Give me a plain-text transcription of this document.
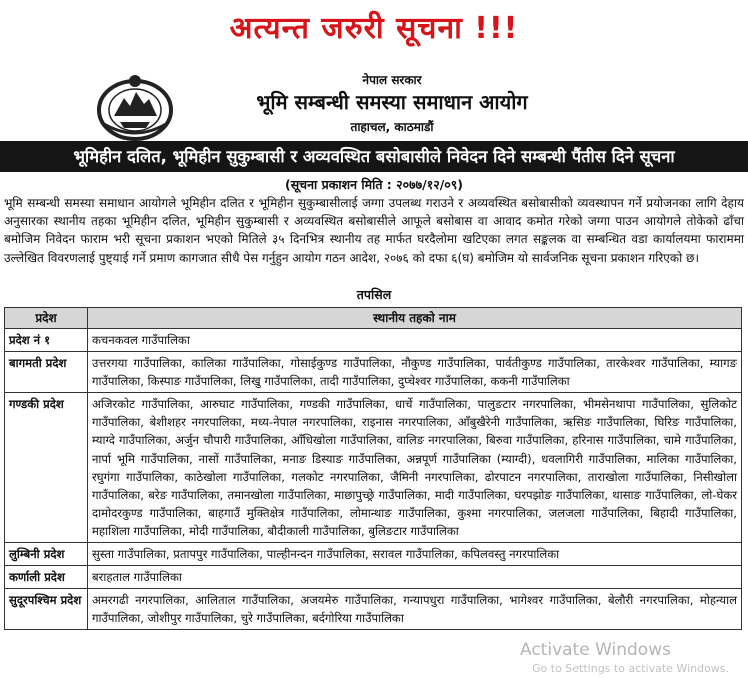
अत्यन्त जरुरी सूचना !!!
नेपाल सरकार
भूमि सम्बन्धी समस्या समाधान आयोग
ताहाचल, काठमाडौं
भूमिहीन दलित, भूमिहीन सुकुम्बासी र अव्यवस्थित बसोबासीले निवेदन दिने सम्बन्धी पैंतीस दिने सूचना
(सूचना प्रकाशन मिति : २०७७/१२/०९)
भूमि सम्बन्धी समस्या समाधान आयोगले भूमिहीन दलित र भूमिहीन सुकुम्बासीलाई जग्गा उपलब्ध गराउने र अव्यवस्थित बसोबासीको व्यवस्थापन गर्ने प्रयोजनका लागि देहाय अनुसारका स्थानीय तहका भूमिहीन दलित, भूमिहीन सुकुम्बासी र अव्यवस्थित बसोबासीले आफूले बसोबास वा आवाद कमोत गरेको जग्गा पाउन आयोगले तोकेको ढाँचा बमोजिम निवेदन फाराम भरी सूचना प्रकाशन भएको मितिले ३५ दिनभित्र स्थानीय तह मार्फत घरदैलोमा खटिएका लगत सङ्कलक वा सम्बन्धित वडा कार्यालयमा फाराममा उल्लेखित विवरणलाई पुष्ट्याई गर्ने प्रमाण कागजात सीधै पेस गर्नुहुन आयोग गठन आदेश, २०७६ को दफा ६(घ) बमोजिम यो सार्वजनिक सूचना प्रकाशन गरिएको छ।
तपसिल
प्रदेश	स्थानीय तहको नाम
प्रदेश नं १	कचनकवल गाउँपालिका
बागमती प्रदेश	उत्तरगया गाउँपालिका, कालिका गाउँपालिका, गोसाईकुण्ड गाउँपालिका, नौकुण्ड गाउँपालिका, पार्वतीकुण्ड गाउँपालिका, तारकेश्वर गाउँपालिका, म्यागङ गाउँपालिका, किस्पाङ गाउँपालिका, लिखु गाउँपालिका, तादी गाउँपालिका, दुप्चेश्वर गाउँपालिका, ककनी गाउँपालिका
गण्डकी प्रदेश	अजिरकोट गाउँपालिका, आरुघाट गाउँपालिका, गण्डकी गाउँपालिका, धार्चे गाउँपालिका, पालुङटार नगरपालिका, भीमसेनथापा गाउँपालिका, सुलिकोट गाउँपालिका, बेशीशहर नगरपालिका, मध्य-नेपाल नगरपालिका, राइनास नगरपालिका, आँबुखैरेनी गाउँपालिका, ऋसिङ गाउँपालिका, घिरिङ गाउँपालिका, म्याग्दे गाउँपालिका, अर्जुन चौपारी गाउँपालिका, आँधिखोला गाउँपालिका, वालिङ नगरपालिका, बिरुवा गाउँपालिका, हरिनास गाउँपालिका, चामे गाउँपालिका, नार्पा भूमि गाउँपालिका, नासों गाउँपालिका, मनाङ डिस्याङ गाउँपालिका, अन्नपूर्ण गाउँपालिका (म्याग्दी), धवलागिरी गाउँपालिका, मालिका गाउँपालिका, रघुगंगा गाउँपालिका, काठेखोला गाउँपालिका, गलकोट नगरपालिका, जैमिनी नगरपालिका, ढोरपाटन नगरपालिका, ताराखोला गाउँपालिका, निसीखोला गाउँपालिका, बरेङ गाउँपालिका, तमानखोला गाउँपालिका, माछापुच्छ्रे गाउँपालिका, मादी गाउँपालिका, घरपझोङ गाउँपालिका, थासाङ गाउँपालिका, लो-घेकर दामोदरकुण्ड गाउँपालिका, बाहगाउँ मुक्तिक्षेत्र गाउँपालिका, लोमान्थाङ गाउँपालिका, कुश्मा नगरपालिका, जलजला गाउँपालिका, बिहादी गाउँपालिका, महाशिला गाउँपालिका, मोदी गाउँपालिका, बौदीकाली गाउँपालिका, बुलिङटार गाउँपालिका
लुम्बिनी प्रदेश	सुस्ता गाउँपालिका, प्रतापपुर गाउँपालिका, पाल्हीनन्दन गाउँपालिका, सरावल गाउँपालिका, कपिलवस्तु नगरपालिका
कर्णाली प्रदेश	बराहताल गाउँपालिका
सुदूरपश्चिम प्रदेश	अमरगढी नगरपालिका, आलिताल गाउँपालिका, अजयमेरु गाउँपालिका, गन्यापधुरा गाउँपालिका, भागेश्वर गाउँपालिका, बेलौरी नगरपालिका, मोहन्याल गाउँपालिका, जोशीपुर गाउँपालिका, चुरे गाउँपालिका, बर्दगोरिया गाउँपालिका
Activate Windows
Go to Settings to activate Windows.
